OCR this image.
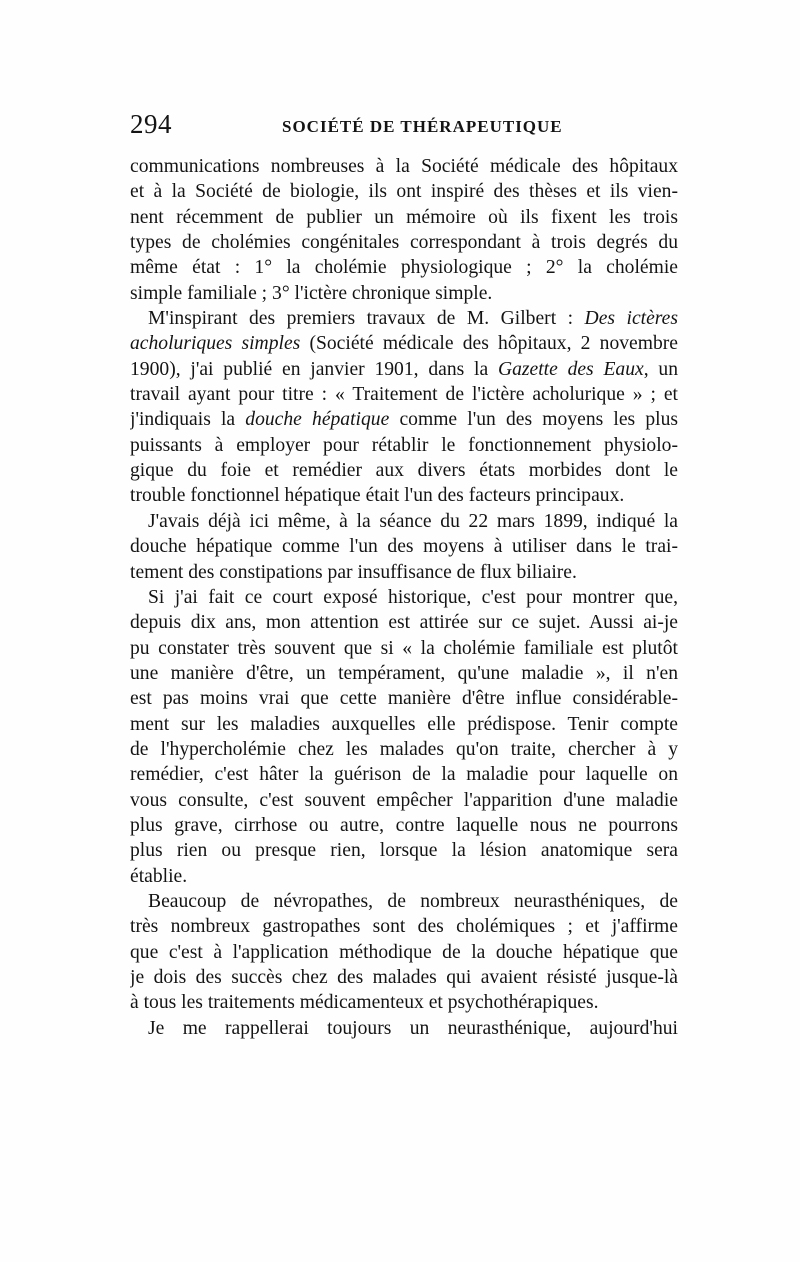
294	SOCIÉTÉ DE THÉRAPEUTIQUE
communications nombreuses à la Société médicale des hôpitaux
et à la Société de biologie, ils ont inspiré des thèses et ils vien-
nent récemment de publier un mémoire où ils fixent les trois
types de cholémies congénitales correspondant à trois degrés du
même état : 1° la cholémie physiologique ; 2° la cholémie
simple familiale ; 3° l'ictère chronique simple.
M'inspirant des premiers travaux de M. Gilbert : Des ictères
acholuriques simples (Société médicale des hôpitaux, 2 novembre
1900), j'ai publié en janvier 1901, dans la Gazette des Eaux, un
travail ayant pour titre : « Traitement de l'ictère acholurique » ; et
j'indiquais la douche hépatique comme l'un des moyens les plus
puissants à employer pour rétablir le fonctionnement physiolo-
gique du foie et remédier aux divers états morbides dont le
trouble fonctionnel hépatique était l'un des facteurs principaux.
J'avais déjà ici même, à la séance du 22 mars 1899, indiqué la
douche hépatique comme l'un des moyens à utiliser dans le trai-
tement des constipations par insuffisance de flux biliaire.
Si j'ai fait ce court exposé historique, c'est pour montrer que,
depuis dix ans, mon attention est attirée sur ce sujet. Aussi ai-je
pu constater très souvent que si « la cholémie familiale est plutôt
une manière d'être, un tempérament, qu'une maladie », il n'en
est pas moins vrai que cette manière d'être influe considérable-
ment sur les maladies auxquelles elle prédispose. Tenir compte
de l'hypercholémie chez les malades qu'on traite, chercher à y
remédier, c'est hâter la guérison de la maladie pour laquelle on
vous consulte, c'est souvent empêcher l'apparition d'une maladie
plus grave, cirrhose ou autre, contre laquelle nous ne pourrons
plus rien ou presque rien, lorsque la lésion anatomique sera
établie.
Beaucoup de névropathes, de nombreux neurasthéniques, de
très nombreux gastropathes sont des cholémiques ; et j'affirme
que c'est à l'application méthodique de la douche hépatique que
je dois des succès chez des malades qui avaient résisté jusque-là
à tous les traitements médicamenteux et psychothérapiques.
Je me rappellerai toujours un neurasthénique, aujourd'hui
